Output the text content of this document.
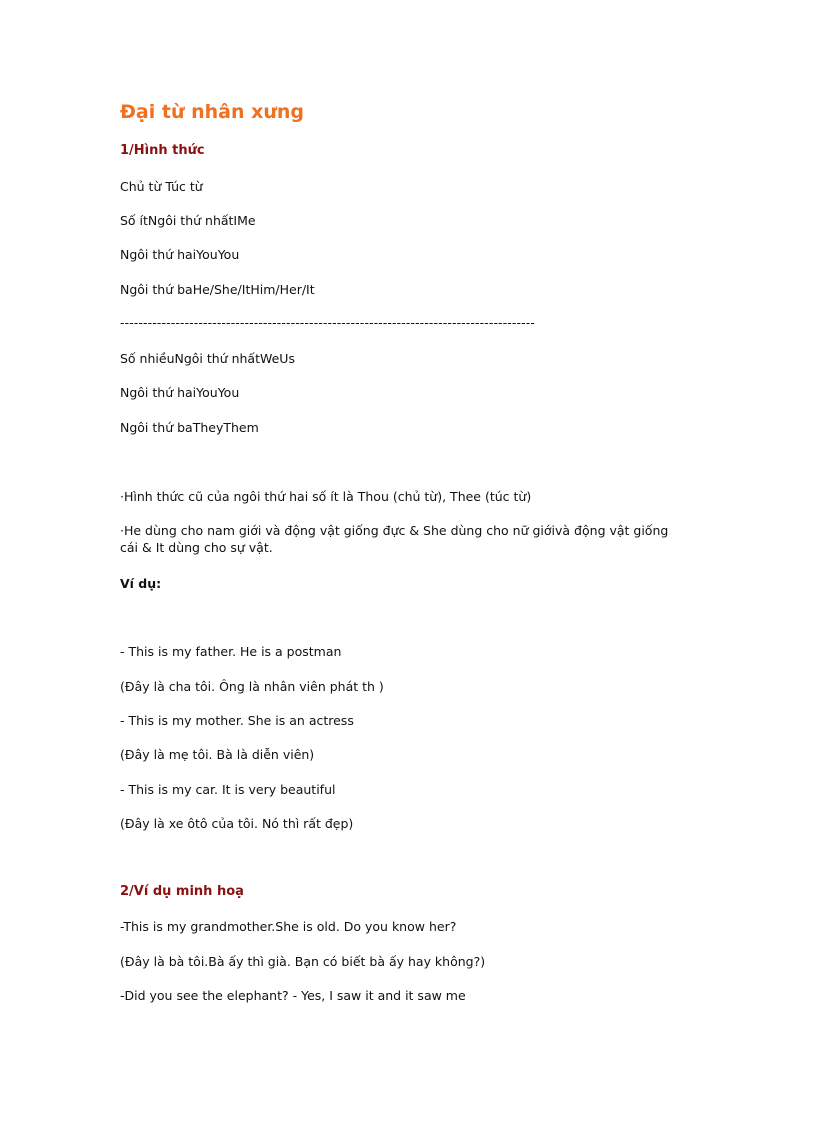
Đại từ nhân xưng
1/Hình thức
Chủ từ Túc từ
Số ítNgôi thứ nhấtIMe
Ngôi thứ haiYouYou
Ngôi thứ baHe/She/ItHim/Her/It
------------------------------------------------------------------------------------------
Số nhiềuNgôi thứ nhấtWeUs
Ngôi thứ haiYouYou
Ngôi thứ baTheyThem
·Hình thức cũ của ngôi thứ hai số ít là Thou (chủ từ), Thee (túc từ)
·He dùng cho nam giới và động vật giống đực & She dùng cho nữ giớivà động vật giống cái & It dùng cho sự vật.
Ví dụ:
- This is my father. He is a postman
(Đây là cha tôi. Ông là nhân viên phát th )
- This is my mother. She is an actress
(Đây là mẹ tôi. Bà là diễn viên)
- This is my car. It is very beautiful
(Đây là xe ôtô của tôi. Nó thì rất đẹp)
2/Ví dụ minh hoạ
-This is my grandmother.She is old. Do you know her?
(Đây là bà tôi.Bà ấy thì già. Bạn có biết bà ấy hay không?)
-Did you see the elephant? - Yes, I saw it and it saw me
